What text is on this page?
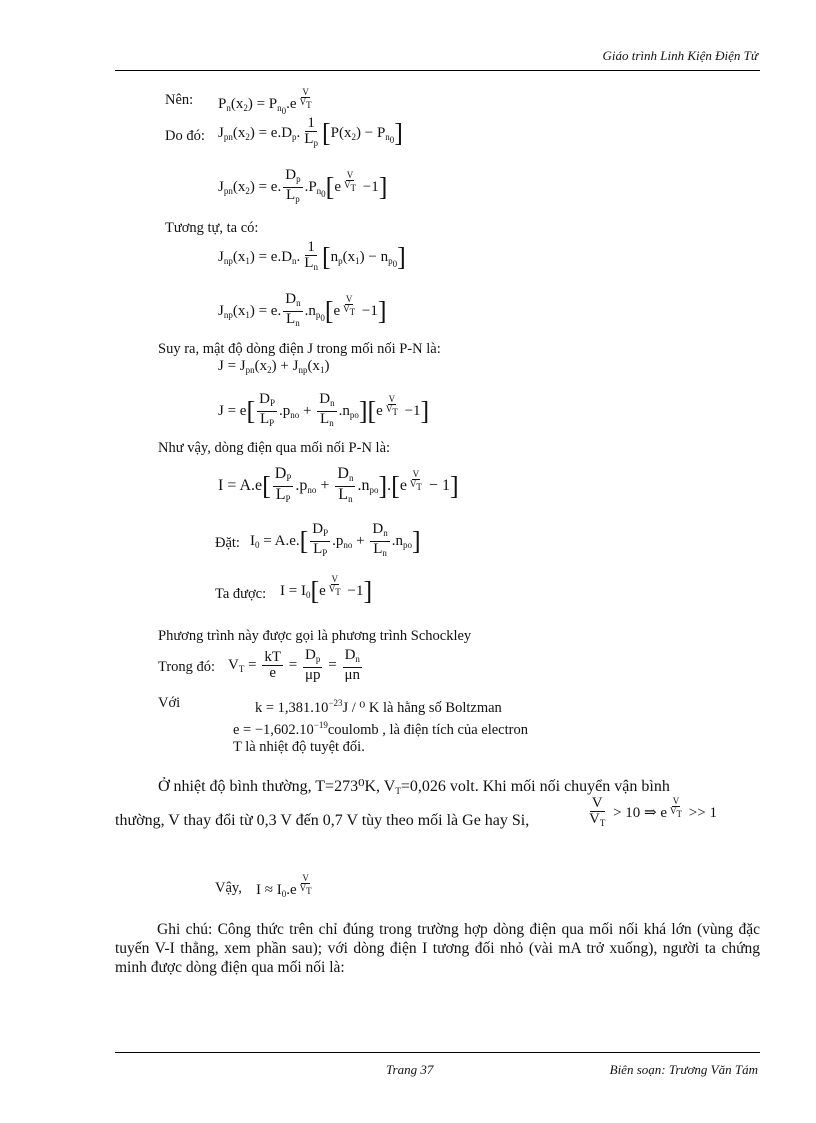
Giáo trình Linh Kiện Điện Tử
Nên: $P_n(x_2) = P_{n_0}.e \frac{V}{V_T}$
Do đó: $J_{pn}(x_2) = e.D_p$. $\frac{1}{L_p} [P(x_2) - P_{n_0}]$
$J_{pn}(x_2) = e$. $\frac{D_p}{L_p} .P_{n_0}[e \frac{V}{V_T} -1]$
Tương tự, ta có:
$J_{np}(x_1) = e.D_n$. $\frac{1}{L_n} [n_p(x_1) - n_{p_0}]$
$J_{np}(x_1) = e$. $\frac{D_n}{L_n} .n_{p_0}[e \frac{V}{V_T} -1]$
Suy ra, mật độ dòng điện J trong mối nối P-N là:
$J = J_{pn}(x_2) + J_{np}(x_1)$
$J = e[ \frac{D_P}{L_P} .p_{no} + \frac{D_n}{L_n} .n_{po}][e \frac{V}{V_T} -1]$
Như vậy, dòng điện qua mối nối P-N là:
$I = A.e[ \frac{D_P}{L_P} .p_{no} + \frac{D_n}{L_n} .n_{po}].[e \frac{V}{V_T} - 1]$
Đặt: $I_0 = A.e.[ \frac{D_P}{L_P} .p_{no} + \frac{D_n}{L_n} .n_{po}]$
Ta được: $I = I_0[e \frac{V}{V_T} -1]$
Phương trình này được gọi là phương trình Schockley
Trong đó: $V_T = \frac{kT}{e} = \frac{D_p}{\mu p} = \frac{D_n}{\mu n}$
Với	$k = 1,381.10^{-23}J / ^0$ K là hằng số Boltzman
$e = -1,602.10^{-19}coulomb$ , là điện tích của electron
T là nhiệt độ tuyệt đối.
Ở nhiệt độ bình thường, T=273⁰K, $V_T=0,026$ volt. Khi mối nối chuyển vận bình
thường, V thay đổi từ 0,3 V đến 0,7 V tùy theo mối là Ge hay Si,	$\frac{V}{V_T} > 10$ ⇒ e $\frac{V}{V_T} >> 1$
Vậy, $I \approx I_0.e \frac{V}{V_T}$
Ghi chú: Công thức trên chỉ đúng trong trường hợp dòng điện qua mối nối khá lớn (vùng đặc tuyến V-I thẳng, xem phần sau); với dòng điện I tương đối nhỏ (vài mA trở xuống), người ta chứng minh được dòng điện qua mối nối là:
Trang 37	Biên soạn: Trương Văn Tám
